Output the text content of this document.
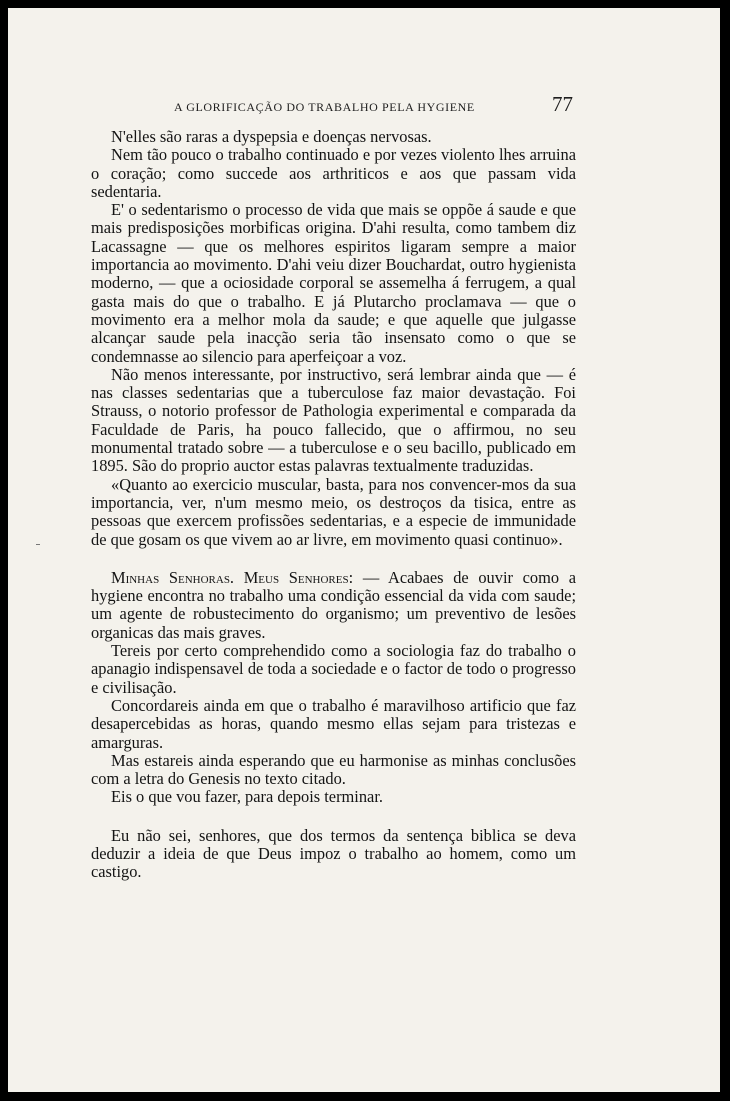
A GLORIFICAÇÃO DO TRABALHO PELA HYGIENE	77

N'elles são raras a dyspepsia e doenças nervosas.

Nem tão pouco o trabalho continuado e por vezes violento lhes arruina o coração; como succede aos arthriticos e aos que passam vida sedentaria.

E' o sedentarismo o processo de vida que mais se oppõe á saude e que mais predisposições morbificas origina. D'ahi resulta, como tambem diz Lacassagne — que os melhores espiritos ligaram sempre a maior importancia ao movimento. D'ahi veiu dizer Bouchardat, outro hygienista moderno, — que a ociosidade corporal se assemelha á ferrugem, a qual gasta mais do que o trabalho. E já Plutarcho proclamava — que o movimento era a melhor mola da saude; e que aquelle que julgasse alcançar saude pela inacção seria tão insensato como o que se condemnasse ao silencio para aperfeiçoar a voz.

Não menos interessante, por instructivo, será lembrar ainda que — é nas classes sedentarias que a tuberculose faz maior devastação. Foi Strauss, o notorio professor de Pathologia experimental e comparada da Faculdade de Paris, ha pouco fallecido, que o affirmou, no seu monumental tratado sobre — a tuberculose e o seu bacillo, publicado em 1895. São do proprio auctor estas palavras textualmente traduzidas.

«Quanto ao exercicio muscular, basta, para nos convencer-mos da sua importancia, ver, n'um mesmo meio, os destroços da tisica, entre as pessoas que exercem profissões sedentarias, e a especie de immunidade de que gosam os que vivem ao ar livre, em movimento quasi continuo».

Minhas Senhoras. Meus Senhores: — Acabaes de ouvir como a hygiene encontra no trabalho uma condição essencial da vida com saude; um agente de robustecimento do organismo; um preventivo de lesões organicas das mais graves.

Tereis por certo comprehendido como a sociologia faz do trabalho o apanagio indispensavel de toda a sociedade e o factor de todo o progresso e civilisação.

Concordareis ainda em que o trabalho é maravilhoso artificio que faz desapercebidas as horas, quando mesmo ellas sejam para tristezas e amarguras.

Mas estareis ainda esperando que eu harmonise as minhas conclusões com a letra do Genesis no texto citado.

Eis o que vou fazer, para depois terminar.

Eu não sei, senhores, que dos termos da sentença biblica se deva deduzir a ideia de que Deus impoz o trabalho ao homem, como um castigo.
